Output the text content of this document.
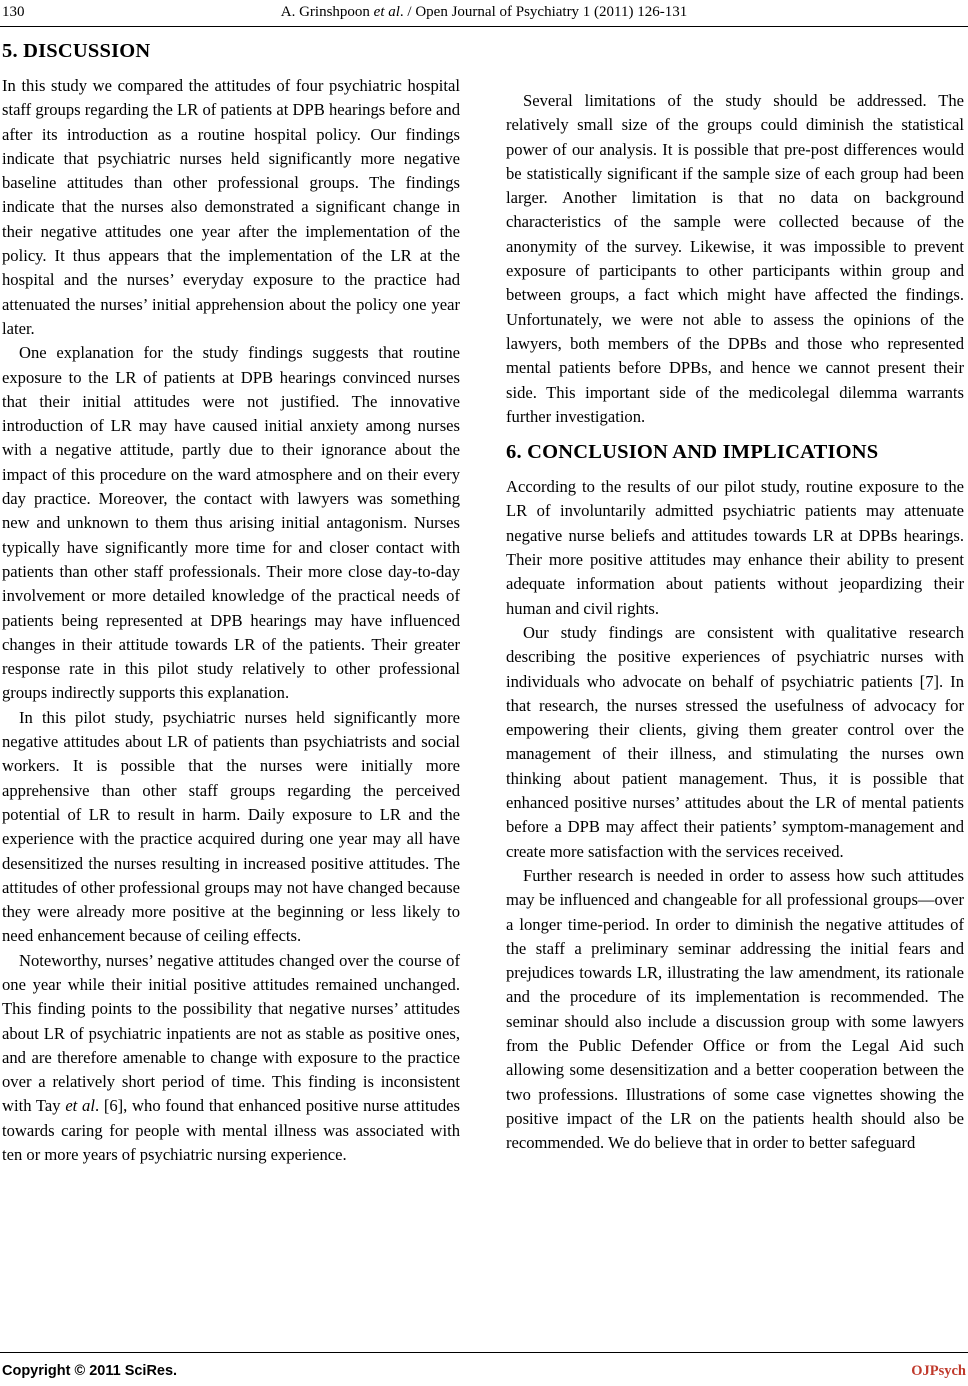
130	A. Grinshpoon et al. / Open Journal of Psychiatry 1 (2011) 126-131
5. DISCUSSION

In this study we compared the attitudes of four psychiatric hospital staff groups regarding the LR of patients at DPB hearings before and after its introduction as a routine hospital policy. Our findings indicate that psychiatric nurses held significantly more negative baseline attitudes than other professional groups. The findings indicate that the nurses also demonstrated a significant change in their negative attitudes one year after the implementation of the policy. It thus appears that the implementation of the LR at the hospital and the nurses’ everyday exposure to the practice had attenuated the nurses’ initial apprehension about the policy one year later.

One explanation for the study findings suggests that routine exposure to the LR of patients at DPB hearings convinced nurses that their initial attitudes were not justified. The innovative introduction of LR may have caused initial anxiety among nurses with a negative attitude, partly due to their ignorance about the impact of this procedure on the ward atmosphere and on their every day practice. Moreover, the contact with lawyers was something new and unknown to them thus arising initial antagonism. Nurses typically have significantly more time for and closer contact with patients than other staff professionals. Their more close day-to-day involvement or more detailed knowledge of the practical needs of patients being represented at DPB hearings may have influenced changes in their attitude towards LR of the patients. Their greater response rate in this pilot study relatively to other professional groups indirectly supports this explanation.

In this pilot study, psychiatric nurses held significantly more negative attitudes about LR of patients than psychiatrists and social workers. It is possible that the nurses were initially more apprehensive than other staff groups regarding the perceived potential of LR to result in harm. Daily exposure to LR and the experience with the practice acquired during one year may all have desensitized the nurses resulting in increased positive attitudes. The attitudes of other professional groups may not have changed because they were already more positive at the beginning or less likely to need enhancement because of ceiling effects.

Noteworthy, nurses’ negative attitudes changed over the course of one year while their initial positive attitudes remained unchanged. This finding points to the possibility that negative nurses’ attitudes about LR of psychiatric inpatients are not as stable as positive ones, and are therefore amenable to change with exposure to the practice over a relatively short period of time. This finding is inconsistent with Tay et al. [6], who found that enhanced positive nurse attitudes towards caring for people with mental illness was associated with ten or more years of psychiatric nursing experience.

Several limitations of the study should be addressed. The relatively small size of the groups could diminish the statistical power of our analysis. It is possible that pre-post differences would be statistically significant if the sample size of each group had been larger. Another limitation is that no data on background characteristics of the sample were collected because of the anonymity of the survey. Likewise, it was impossible to prevent exposure of participants to other participants within group and between groups, a fact which might have affected the findings. Unfortunately, we were not able to assess the opinions of the lawyers, both members of the DPBs and those who represented mental patients before DPBs, and hence we cannot present their side. This important side of the medicolegal dilemma warrants further investigation.

6. CONCLUSION AND IMPLICATIONS

According to the results of our pilot study, routine exposure to the LR of involuntarily admitted psychiatric patients may attenuate negative nurse beliefs and attitudes towards LR at DPBs hearings. Their more positive attitudes may enhance their ability to present adequate information about patients without jeopardizing their human and civil rights.

Our study findings are consistent with qualitative research describing the positive experiences of psychiatric nurses with individuals who advocate on behalf of psychiatric patients [7]. In that research, the nurses stressed the usefulness of advocacy for empowering their clients, giving them greater control over the management of their illness, and stimulating the nurses own thinking about patient management. Thus, it is possible that enhanced positive nurses’ attitudes about the LR of mental patients before a DPB may affect their patients’ symptom-management and create more satisfaction with the services received.

Further research is needed in order to assess how such attitudes may be influenced and changeable for all professional groups―over a longer time-period. In order to diminish the negative attitudes of the staff a preliminary seminar addressing the initial fears and prejudices towards LR, illustrating the law amendment, its rationale and the procedure of its implementation is recommended. The seminar should also include a discussion group with some lawyers from the Public Defender Office or from the Legal Aid such allowing some desensitization and a better cooperation between the two professions. Illustrations of some case vignettes showing the positive impact of the LR on the patients health should also be recommended. We do believe that in order to better safeguard

Copyright © 2011 SciRes.	OJPsych
